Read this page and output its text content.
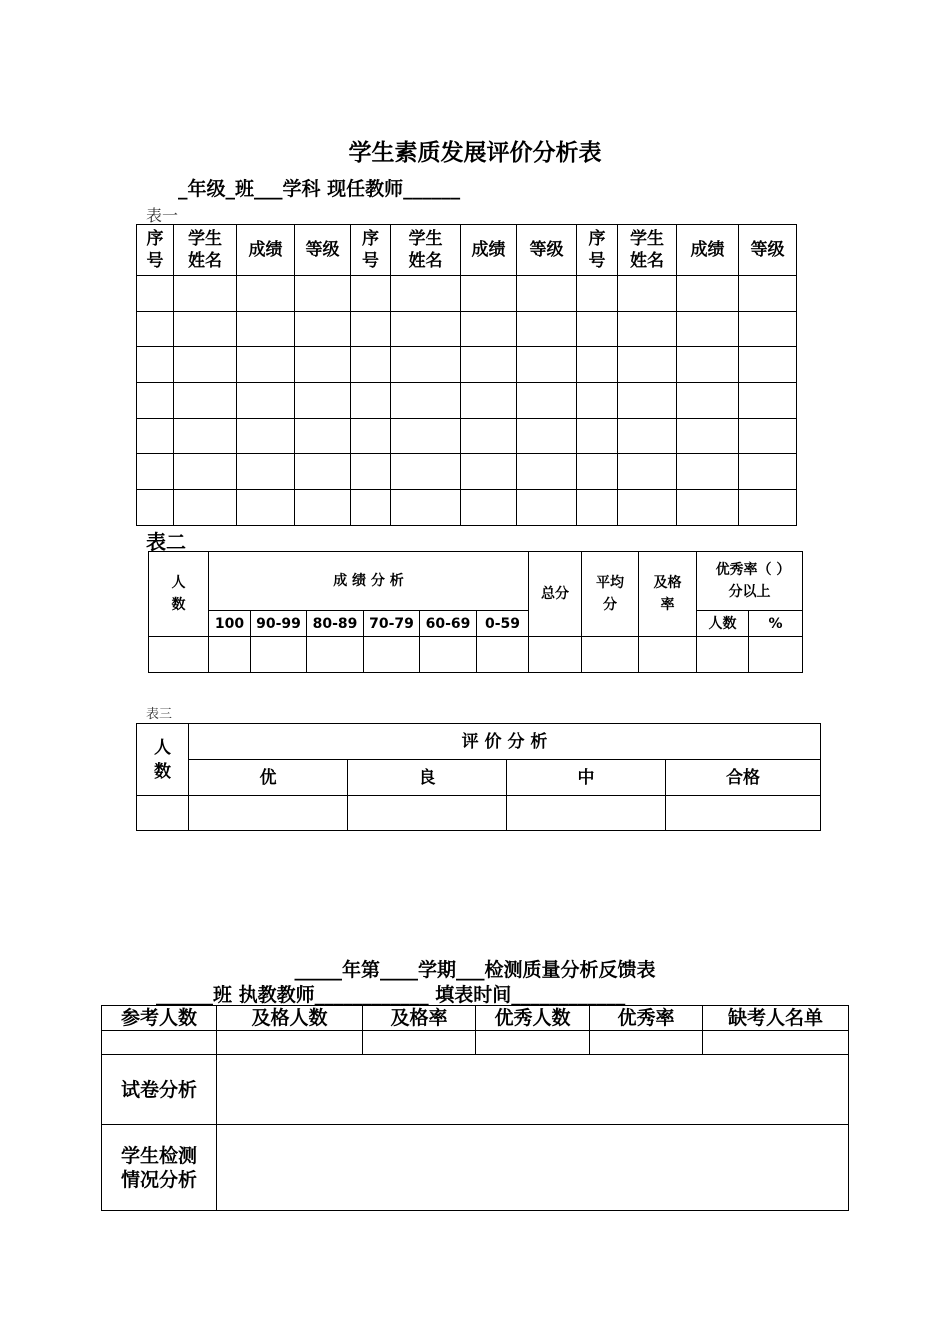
学生素质发展评价分析表
_年级_班___学科 现任教师______
表一
序号	学生姓名	成绩	等级	序号	学生姓名	成绩	等级	序号	学生姓名	成绩	等级

表二
人数	成 绩 分 析						总分	平均分	及格率	优秀率（ ）分以上	
	100	90-99	80-89	70-79	60-69	0-59				人数	%

表三
人数	评 价 分 析			
	优	良	中	合格

_____年第____学期___检测质量分析反馈表
______班 执教教师____________ 填表时间____________
参考人数	及格人数	及格率	优秀人数	优秀率	缺考人名单

试卷分析					
学生检测情况分析					
